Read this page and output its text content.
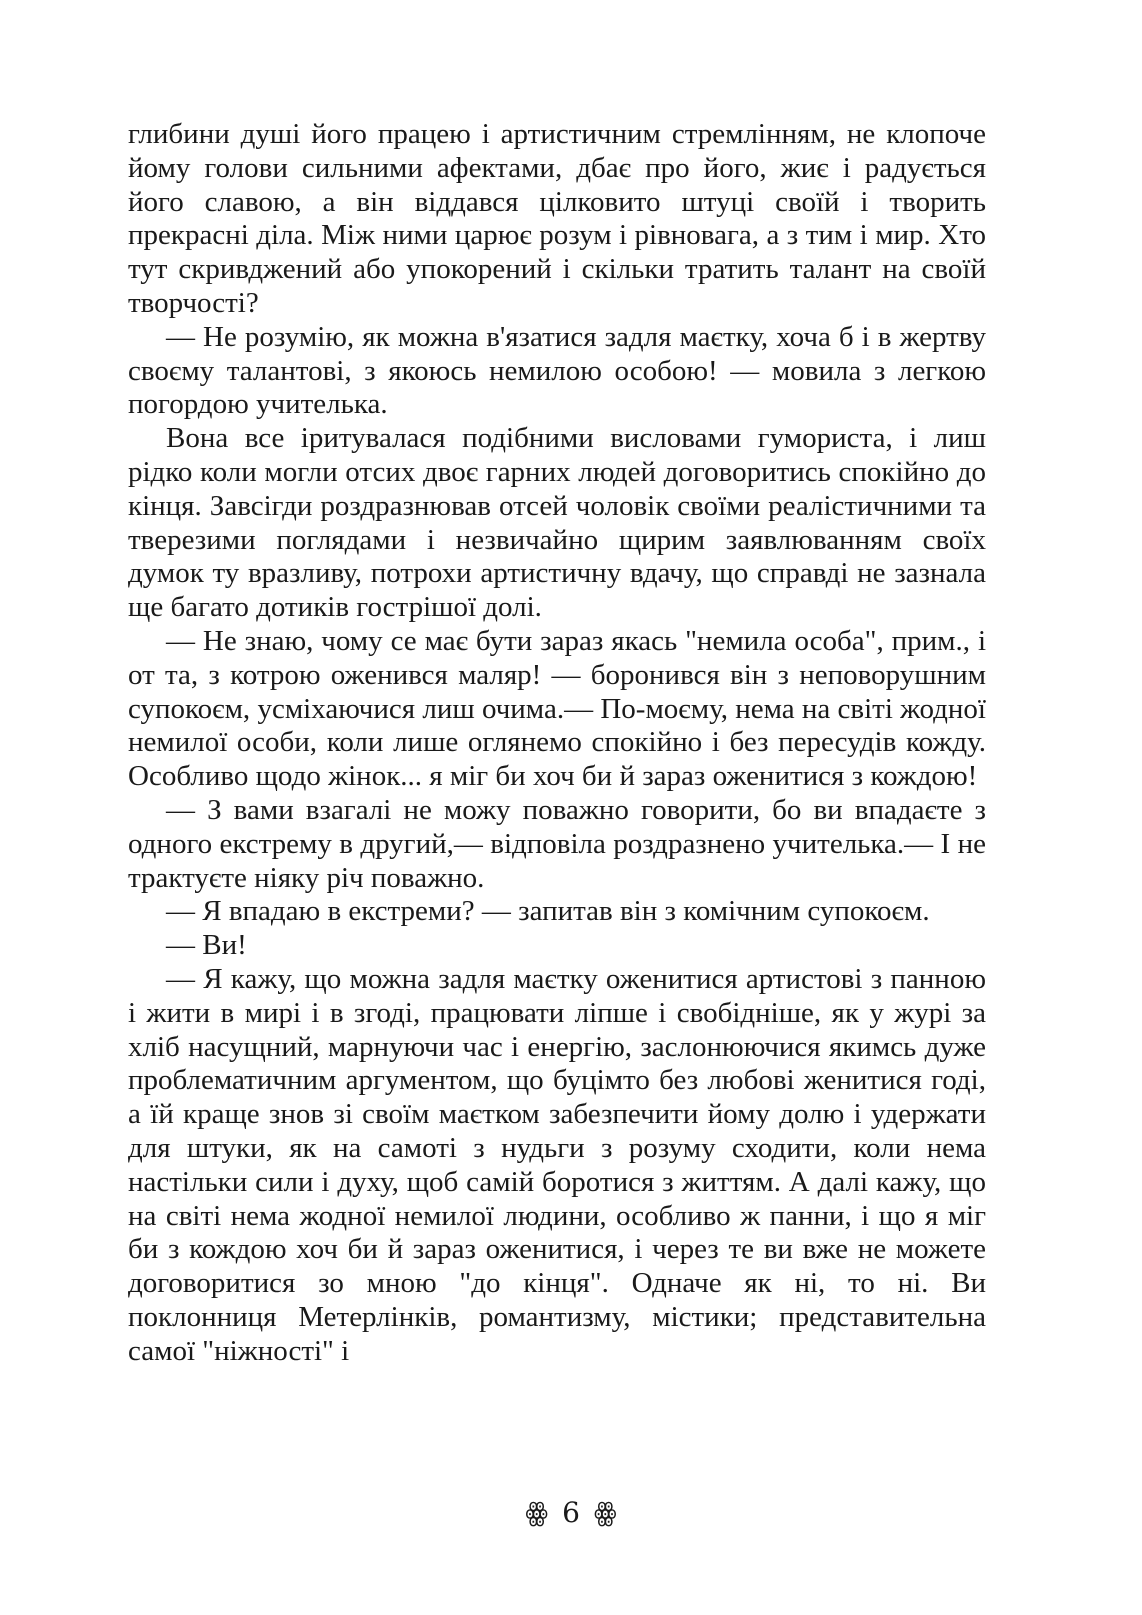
глибини душі його працею і артистичним стремлінням, не клопоче йому голови сильними афектами, дбає про його, жиє і радується його славою, а він віддався цілковито штуці своїй і творить прекрасні діла. Між ними царює розум і рівновага, а з тим і мир. Хто тут скривджений або упокорений і скільки тратить талант на своїй творчості?

— Не розумію, як можна в'язатися задля маєтку, хоча б і в жертву своєму талантові, з якоюсь немилою особою! — мовила з легкою погордою учителька.

Вона все іритувалася подібними висловами гумориста, і лиш рідко коли могли отсих двоє гарних людей договоритись спокійно до кінця. Завсігди роздразнював отсей чоловік своїми реалістичними та тверезими поглядами і незвичайно щирим заявлюванням своїх думок ту вразливу, потрохи артистичну вдачу, що справді не зазнала ще багато дотиків гострішої долі.

— Не знаю, чому се має бути зараз якась "немила особа", прим., і от та, з котрою оженився маляр! — боронився він з неповорушним супокоєм, усміхаючися лиш очима.— По-моєму, нема на світі жодної немилої особи, коли лише оглянемо спокійно і без пересудів кожду. Особливо щодо жінок... я міг би хоч би й зараз оженитися з кождою!

— З вами взагалі не можу поважно говорити, бо ви впадаєте з одного екстрему в другий,— відповіла роздразнено учителька.— І не трактуєте ніяку річ поважно.

— Я впадаю в екстреми? — запитав він з комічним супокоєм.

— Ви!

— Я кажу, що можна задля маєтку оженитися артистові з панною і жити в мирі і в згоді, працювати ліпше і свобідніше, як у журі за хліб насущний, марнуючи час і енергію, заслонюючися якимсь дуже проблематичним аргументом, що буцімто без любові женитися годі, а їй краще знов зі своїм маєтком забезпечити йому долю і удержати для штуки, як на самоті з нудьги з розуму сходити, коли нема настільки сили і духу, щоб самій боротися з життям. А далі кажу, що на світі нема жодної немилої людини, особливо ж панни, і що я міг би з кождою хоч би й зараз оженитися, і через те ви вже не можете договоритися зо мною "до кінця". Одначе як ні, то ні. Ви поклонниця Метерлінків, романтизму, містики; представительна самої "ніжності" і

ꙮ 6 ꙮ
